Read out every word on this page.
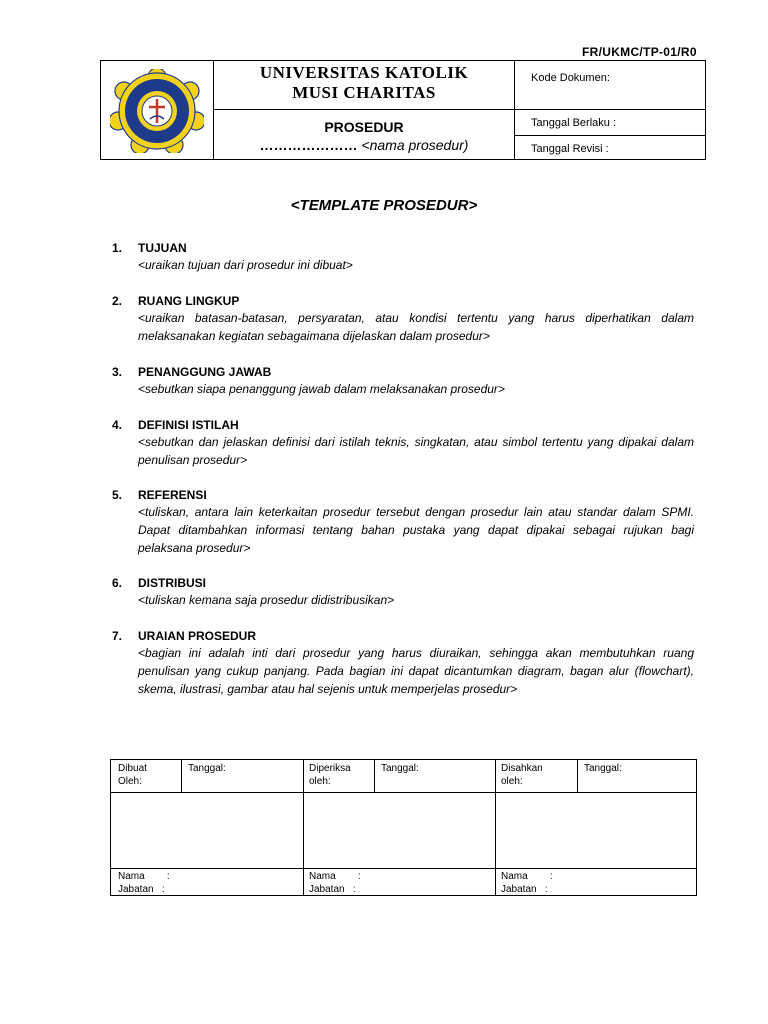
FR/UKMC/TP-01/R0
UNIVERSITAS KATOLIK
MUSI CHARITAS
PROSEDUR
………………… <nama prosedur)
Kode Dokumen:
Tanggal Berlaku :
Tanggal Revisi :
<TEMPLATE PROSEDUR>
1. TUJUAN
<uraikan tujuan dari prosedur ini dibuat>
2. RUANG LINGKUP
<uraikan batasan-batasan, persyaratan, atau kondisi tertentu yang harus diperhatikan dalam melaksanakan kegiatan sebagaimana dijelaskan dalam prosedur>
3. PENANGGUNG JAWAB
<sebutkan siapa penanggung jawab dalam melaksanakan prosedur>
4. DEFINISI ISTILAH
<sebutkan dan jelaskan definisi dari istilah teknis, singkatan, atau simbol tertentu yang dipakai dalam penulisan prosedur>
5. REFERENSI
<tuliskan, antara lain keterkaitan prosedur tersebut dengan prosedur lain atau standar dalam SPMI. Dapat ditambahkan informasi tentang bahan pustaka yang dapat dipakai sebagai rujukan bagi pelaksana prosedur>
6. DISTRIBUSI
<tuliskan kemana saja prosedur didistribusikan>
7. URAIAN PROSEDUR
<bagian ini adalah inti dari prosedur yang harus diuraikan, sehingga akan membutuhkan ruang penulisan yang cukup panjang. Pada bagian ini dapat dicantumkan diagram, bagan alur (flowchart), skema, ilustrasi, gambar atau hal sejenis untuk memperjelas prosedur>
Dibuat
Oleh:
Tanggal:	Diperiksa
oleh:
Tanggal:	Disahkan
oleh:
Tanggal:
Nama        :
Jabatan   :
Nama        :
Jabatan   :
Nama        :
Jabatan   :
